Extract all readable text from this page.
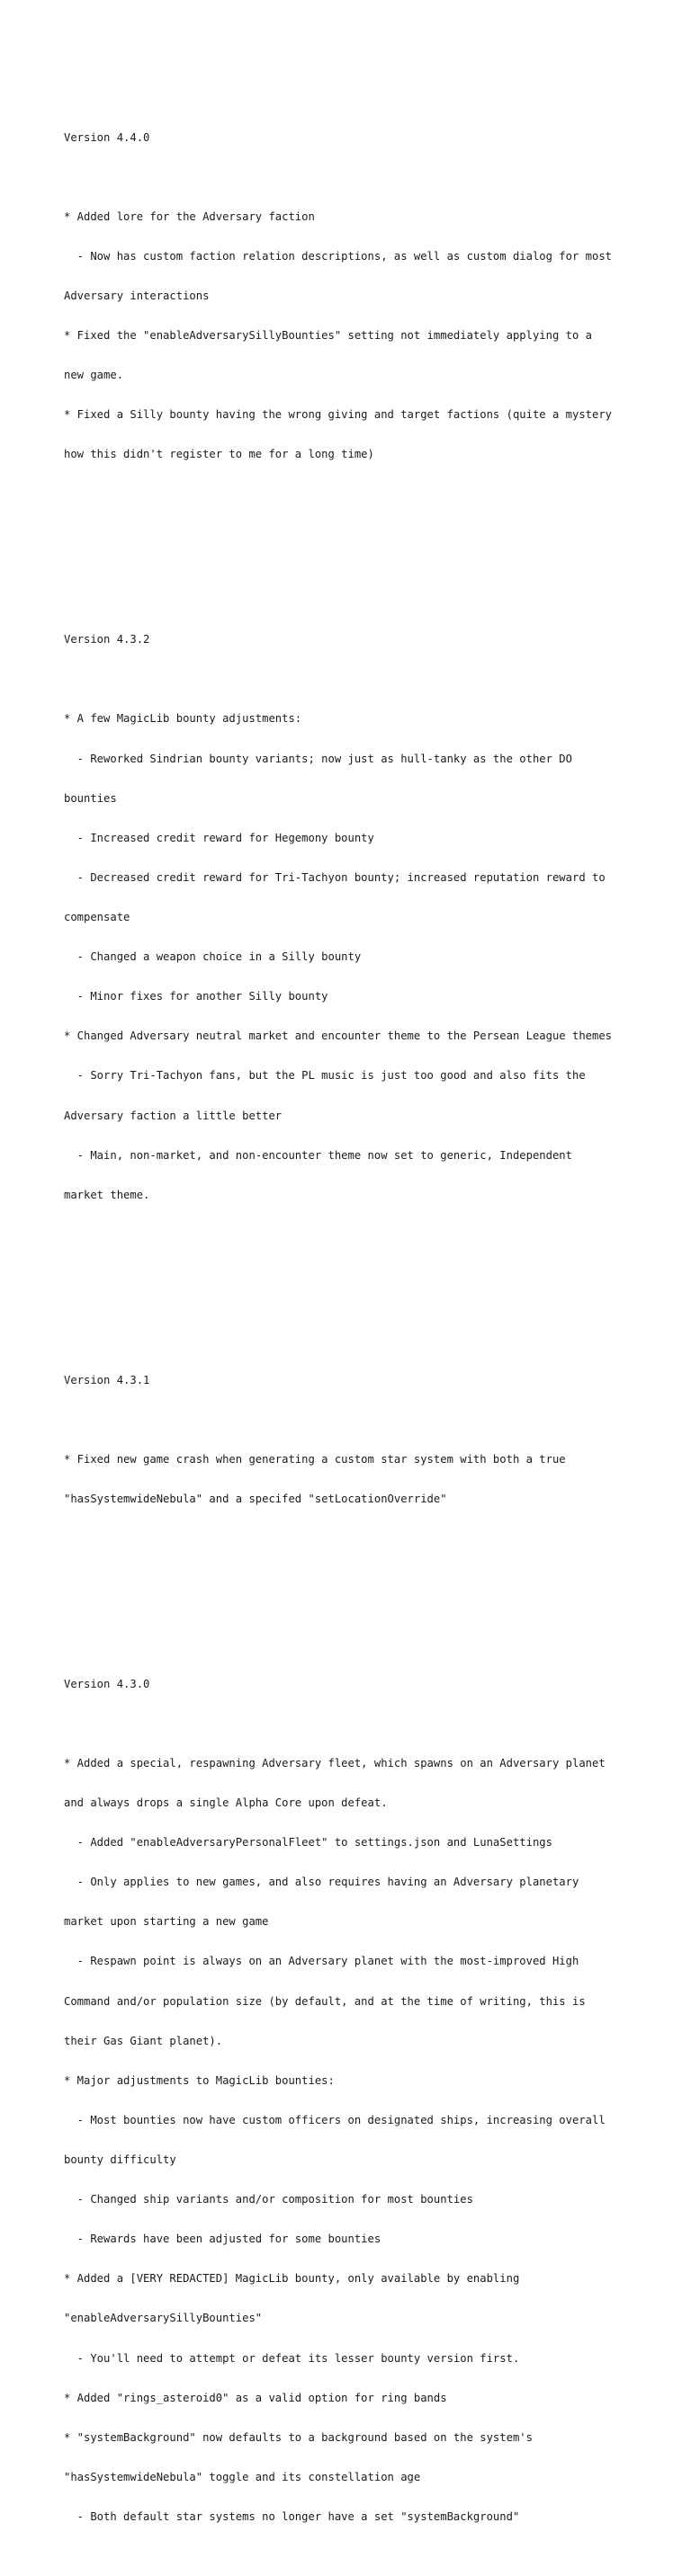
Version 4.4.0

* Added lore for the Adversary faction

- Now has custom faction relation descriptions, as well as custom dialog for most

Adversary interactions

* Fixed the "enableAdversarySillyBounties" setting not immediately applying to a

new game.

* Fixed a Silly bounty having the wrong giving and target factions (quite a mystery

how this didn't register to me for a long time)

Version 4.3.2

* A few MagicLib bounty adjustments:

- Reworked Sindrian bounty variants; now just as hull-tanky as the other DO

bounties

- Increased credit reward for Hegemony bounty

- Decreased credit reward for Tri-Tachyon bounty; increased reputation reward to

compensate

- Changed a weapon choice in a Silly bounty

- Minor fixes for another Silly bounty

* Changed Adversary neutral market and encounter theme to the Persean League themes

- Sorry Tri-Tachyon fans, but the PL music is just too good and also fits the

Adversary faction a little better

- Main, non-market, and non-encounter theme now set to generic, Independent

market theme.

Version 4.3.1

* Fixed new game crash when generating a custom star system with both a true

"hasSystemwideNebula" and a specifed "setLocationOverride"

Version 4.3.0

* Added a special, respawning Adversary fleet, which spawns on an Adversary planet

and always drops a single Alpha Core upon defeat.

- Added "enableAdversaryPersonalFleet" to settings.json and LunaSettings

- Only applies to new games, and also requires having an Adversary planetary

market upon starting a new game

- Respawn point is always on an Adversary planet with the most-improved High

Command and/or population size (by default, and at the time of writing, this is

their Gas Giant planet).

* Major adjustments to MagicLib bounties:

- Most bounties now have custom officers on designated ships, increasing overall

bounty difficulty

- Changed ship variants and/or composition for most bounties

- Rewards have been adjusted for some bounties

* Added a [VERY REDACTED] MagicLib bounty, only available by enabling

"enableAdversarySillyBounties"

- You'll need to attempt or defeat its lesser bounty version first.

* Added "rings_asteroid0" as a valid option for ring bands

* "systemBackground" now defaults to a background based on the system's

"hasSystemwideNebula" toggle and its constellation age

- Both default star systems no longer have a set "systemBackground"
